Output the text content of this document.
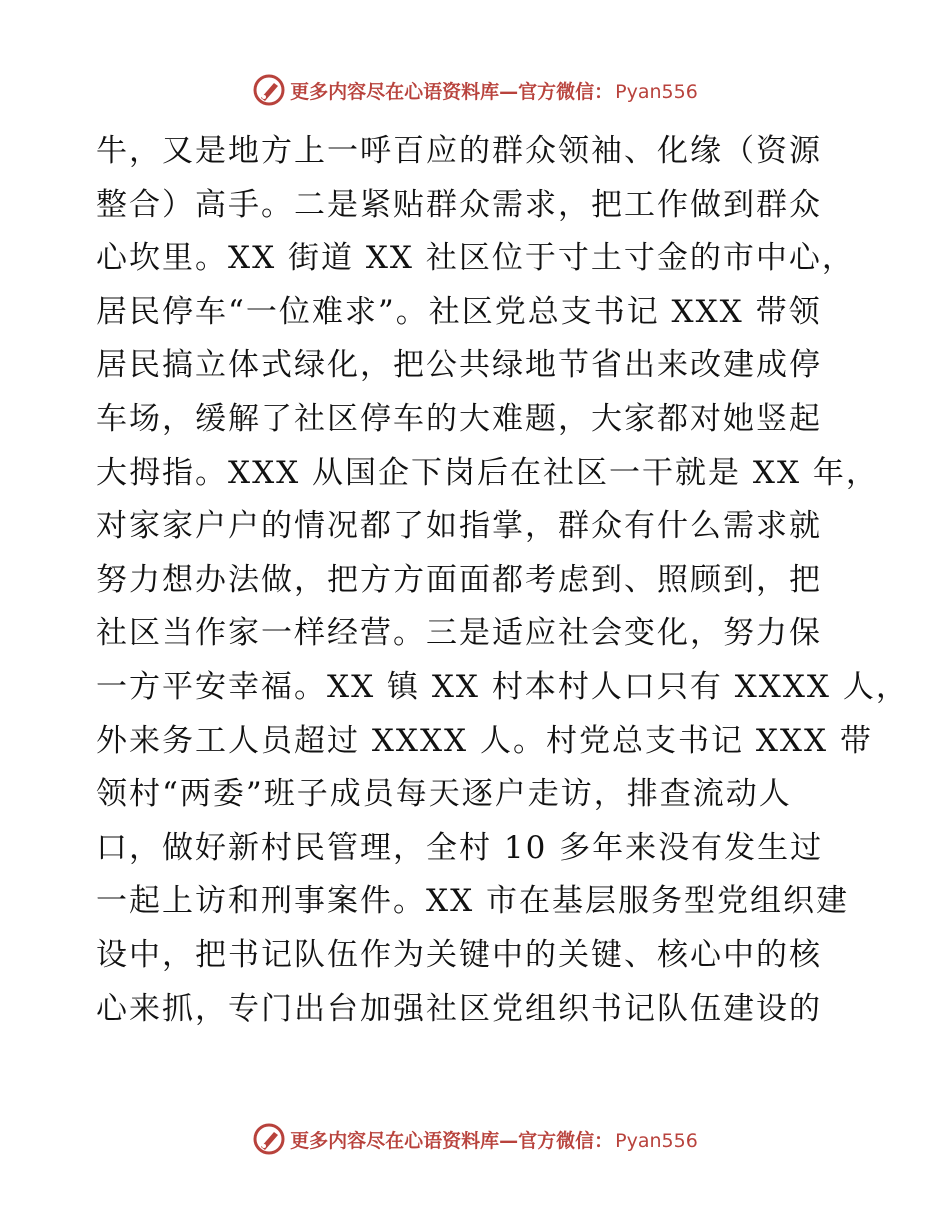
更多内容尽在心语资料库—官方微信： Pyan556
牛，又是地方上一呼百应的群众领袖、化缘（资源
整合）高手。二是紧贴群众需求，把工作做到群众
心坎里。XX 街道 XX 社区位于寸土寸金的市中心，
居民停车“一位难求”。社区党总支书记 XXX 带领
居民搞立体式绿化，把公共绿地节省出来改建成停
车场，缓解了社区停车的大难题，大家都对她竖起
大拇指。XXX 从国企下岗后在社区一干就是 XX 年，
对家家户户的情况都了如指掌，群众有什么需求就
努力想办法做，把方方面面都考虑到、照顾到，把
社区当作家一样经营。三是适应社会变化，努力保
一方平安幸福。XX 镇 XX 村本村人口只有 XXXX 人，
外来务工人员超过 XXXX 人。村党总支书记 XXX 带
领村“两委”班子成员每天逐户走访，排查流动人
口，做好新村民管理，全村 10 多年来没有发生过
一起上访和刑事案件。XX 市在基层服务型党组织建
设中，把书记队伍作为关键中的关键、核心中的核
心来抓，专门出台加强社区党组织书记队伍建设的
更多内容尽在心语资料库—官方微信： Pyan556
